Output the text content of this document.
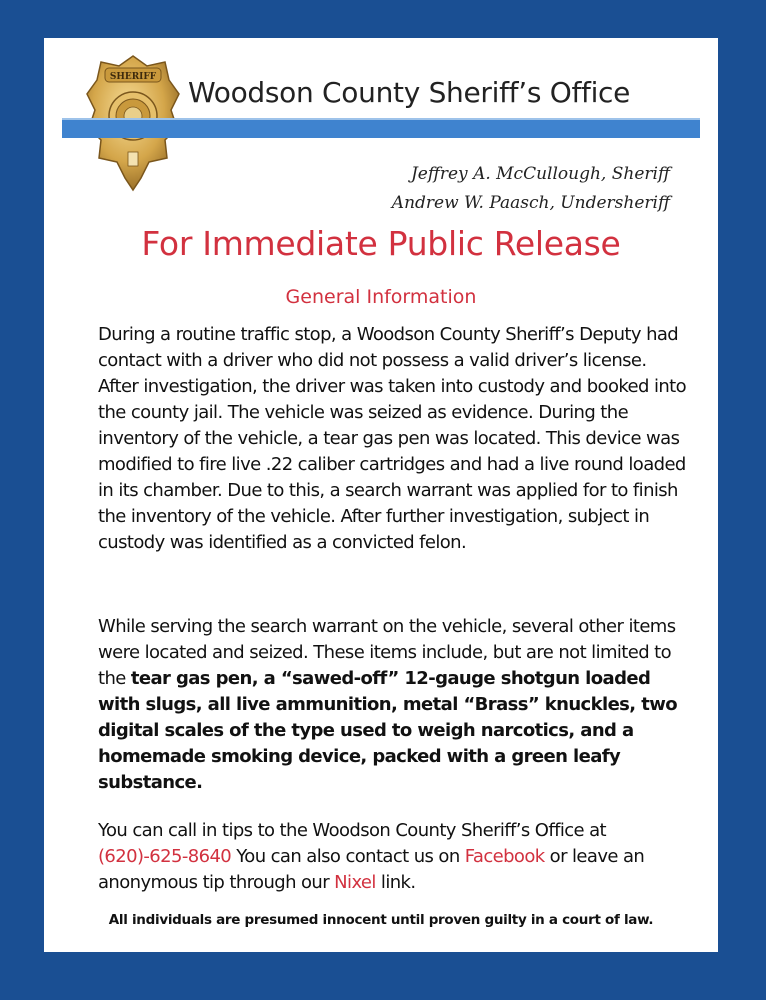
SHERIFF Woodson County Sheriff’s Office
Jeffrey A. McCullough, Sheriff
Andrew W. Paasch, Undersheriff
For Immediate Public Release
General Information
During a routine traffic stop, a Woodson County Sheriff’s Deputy had contact with a driver who did not possess a valid driver’s license. After investigation, the driver was taken into custody and booked into the county jail. The vehicle was seized as evidence. During the inventory of the vehicle, a tear gas pen was located. This device was modified to fire live .22 caliber cartridges and had a live round loaded in its chamber. Due to this, a search warrant was applied for to finish the inventory of the vehicle. After further investigation, subject in custody was identified as a convicted felon.
While serving the search warrant on the vehicle, several other items were located and seized. These items include, but are not limited to the tear gas pen, a “sawed-off” 12-gauge shotgun loaded with slugs, all live ammunition, metal “Brass” knuckles, two digital scales of the type used to weigh narcotics, and a homemade smoking device, packed with a green leafy substance.
You can call in tips to the Woodson County Sheriff’s Office at (620)-625-8640 You can also contact us on Facebook or leave an anonymous tip through our Nixel link.
All individuals are presumed innocent until proven guilty in a court of law.
